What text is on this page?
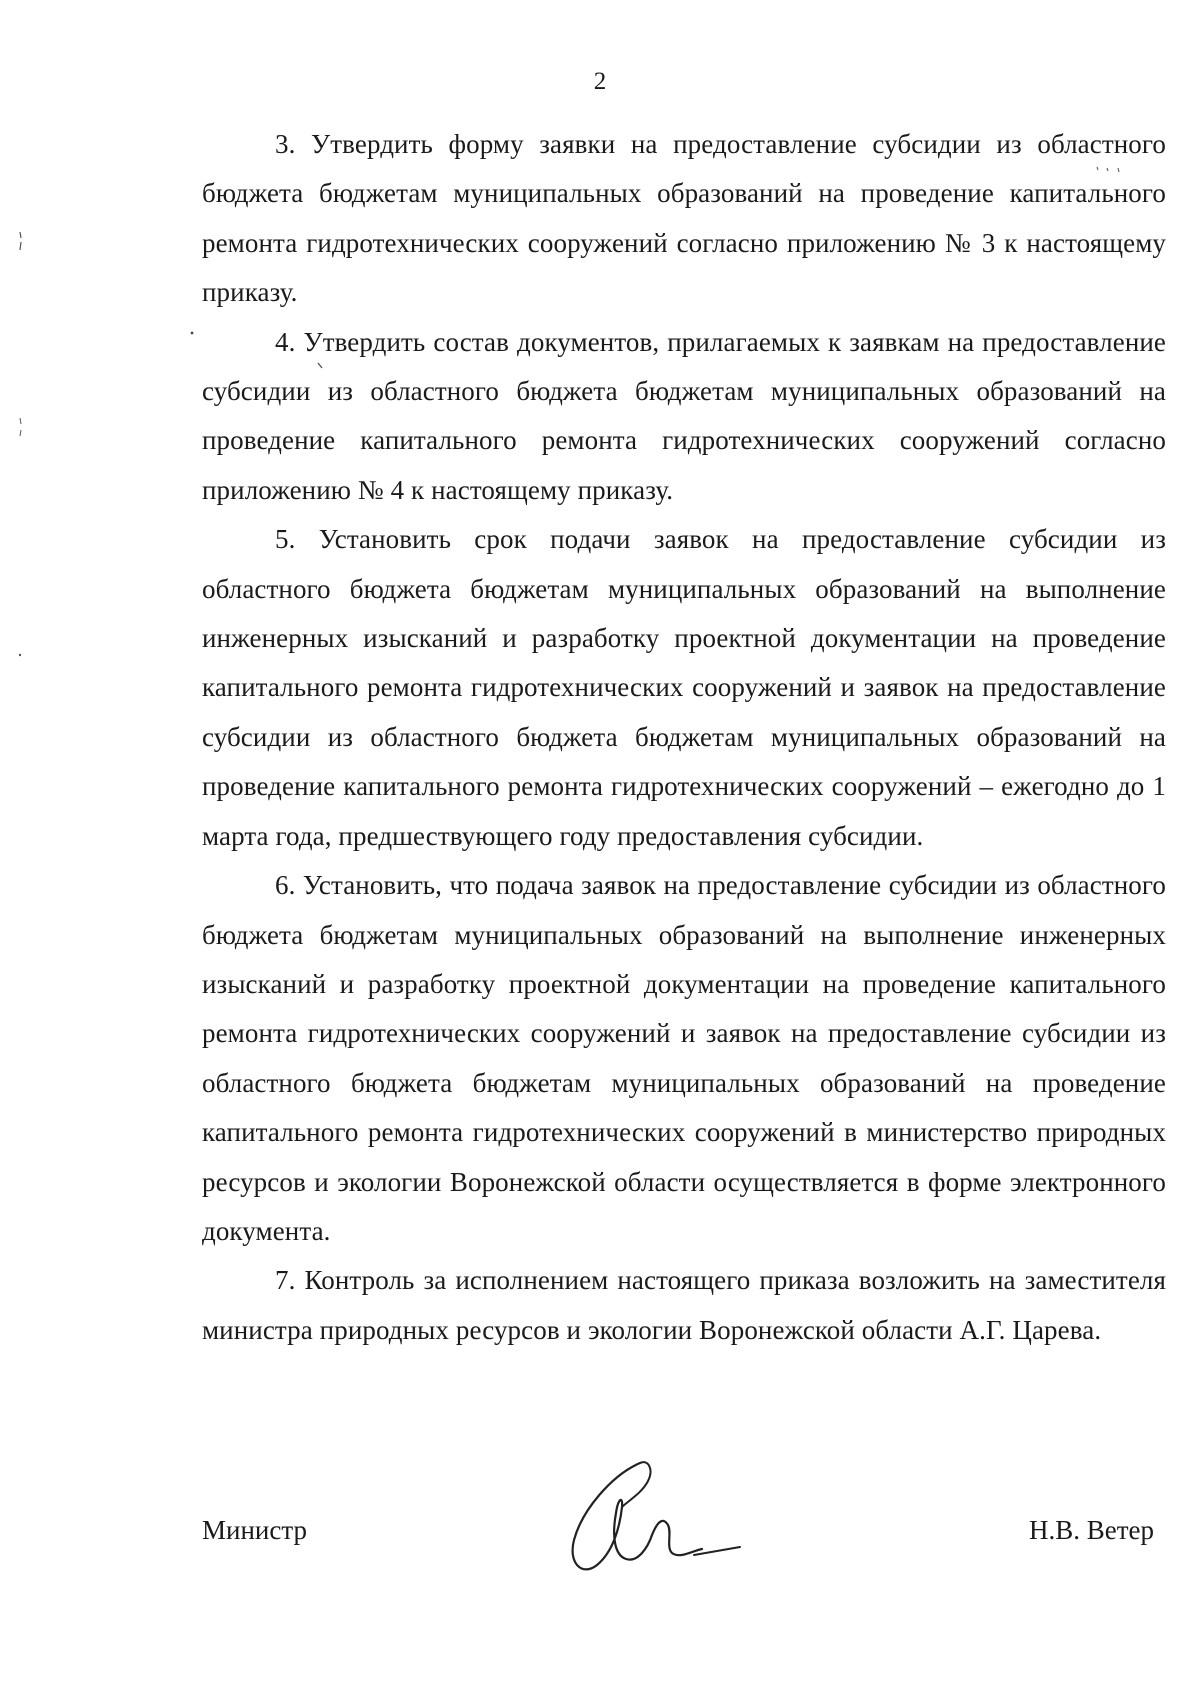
2

3. Утвердить форму заявки на предоставление субсидии из областного бюджета бюджетам муниципальных образований на проведение капитального ремонта гидротехнических сооружений согласно приложению № 3 к настоящему приказу.

4. Утвердить состав документов, прилагаемых к заявкам на предоставление субсидии из областного бюджета бюджетам муниципальных образований на проведение капитального ремонта гидротехнических сооружений согласно приложению № 4 к настоящему приказу.

5. Установить срок подачи заявок на предоставление субсидии из областного бюджета бюджетам муниципальных образований на выполнение инженерных изысканий и разработку проектной документации на проведение капитального ремонта гидротехнических сооружений и заявок на предоставление субсидии из областного бюджета бюджетам муниципальных образований на проведение капитального ремонта гидротехнических сооружений – ежегодно до 1 марта года, предшествующего году предоставления субсидии.

6. Установить, что подача заявок на предоставление субсидии из областного бюджета бюджетам муниципальных образований на выполнение инженерных изысканий и разработку проектной документации на проведение капитального ремонта гидротехнических сооружений и заявок на предоставление субсидии из областного бюджета бюджетам муниципальных образований на проведение капитального ремонта гидротехнических сооружений в министерство природных ресурсов и экологии Воронежской области осуществляется в форме электронного документа.

7. Контроль за исполнением настоящего приказа возложить на заместителя министра природных ресурсов и экологии Воронежской области А.Г. Царева.

Министр	Н.В. Ветер
